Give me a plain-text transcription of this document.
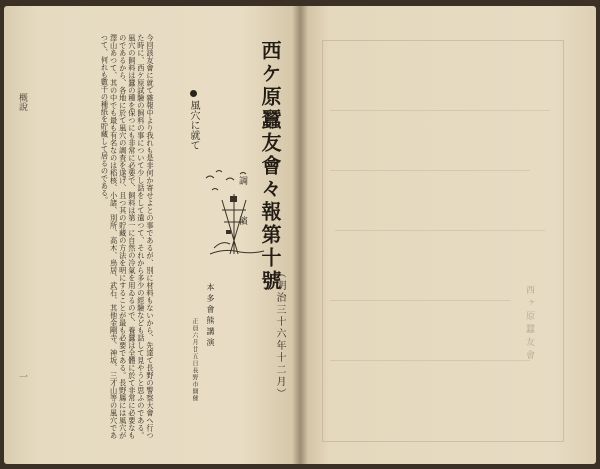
概說
一	今回該友會に就て雜報中より我れも是非何か寄せよとの事であるが、別に材料もないから、先達て長野の警察大會へ行つた時に、西ケ原試驗の飼料の事について少し話をして遣つて、それから多少の經驗なども話して見やうと思ふのである。風穴の飼料は蠶の種を保つにも非常に必要で、飼料は第一に自然の冷氣を用ゐるので、養蠶は全體に於て非常に必要なものであるから、各地に於て風穴の調査を遂げ、且つ其の貯藏の方法を明にすることが最も必要である。長野縣には風穴が澤山あつて、其の中でも最も有名なのは稻核、小諸、別所、高木、鳥居、武石、其他金剛寺、神坂、三才山等の風穴であつて、何れも數千の種紙を貯藏して居るのである。	風穴に就て
調
濱
本多會熊講演
正員六月廿五日長野市開催
西ケ原蠶友會々報第十號
（明治三十六年十二月）	西ヶ原蠶友會
